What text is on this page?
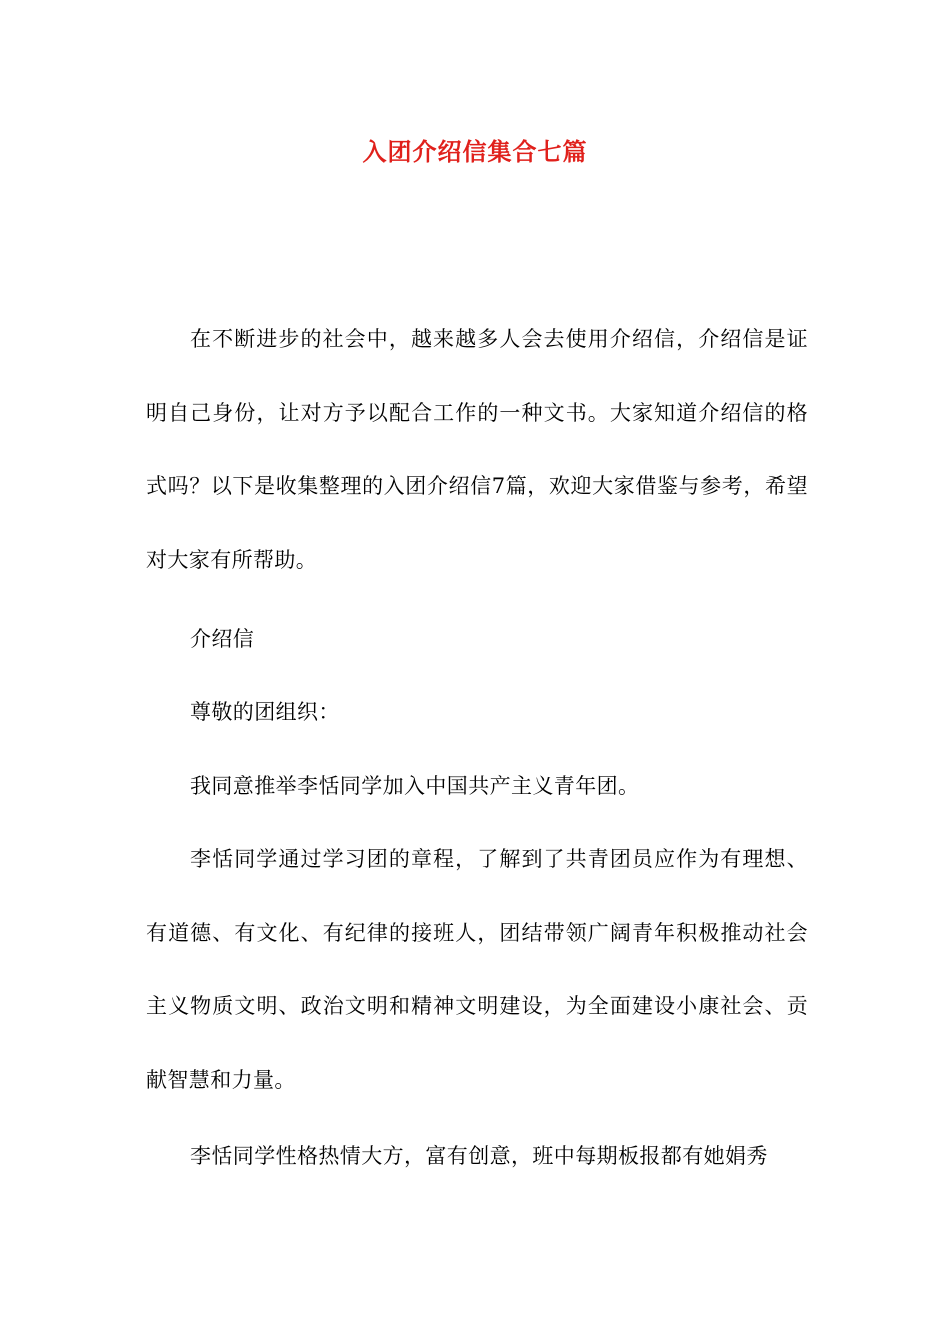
入团介绍信集合七篇

在不断进步的社会中，越来越多人会去使用介绍信，介绍信是证明自己身份，让对方予以配合工作的一种文书。大家知道介绍信的格式吗？以下是收集整理的入团介绍信7篇，欢迎大家借鉴与参考，希望对大家有所帮助。

介绍信

尊敬的团组织：

我同意推举李恬同学加入中国共产主义青年团。

李恬同学通过学习团的章程，了解到了共青团员应作为有理想、有道德、有文化、有纪律的接班人，团结带领广阔青年积极推动社会主义物质文明、政治文明和精神文明建设，为全面建设小康社会、贡献智慧和力量。

李恬同学性格热情大方，富有创意，班中每期板报都有她娟秀
